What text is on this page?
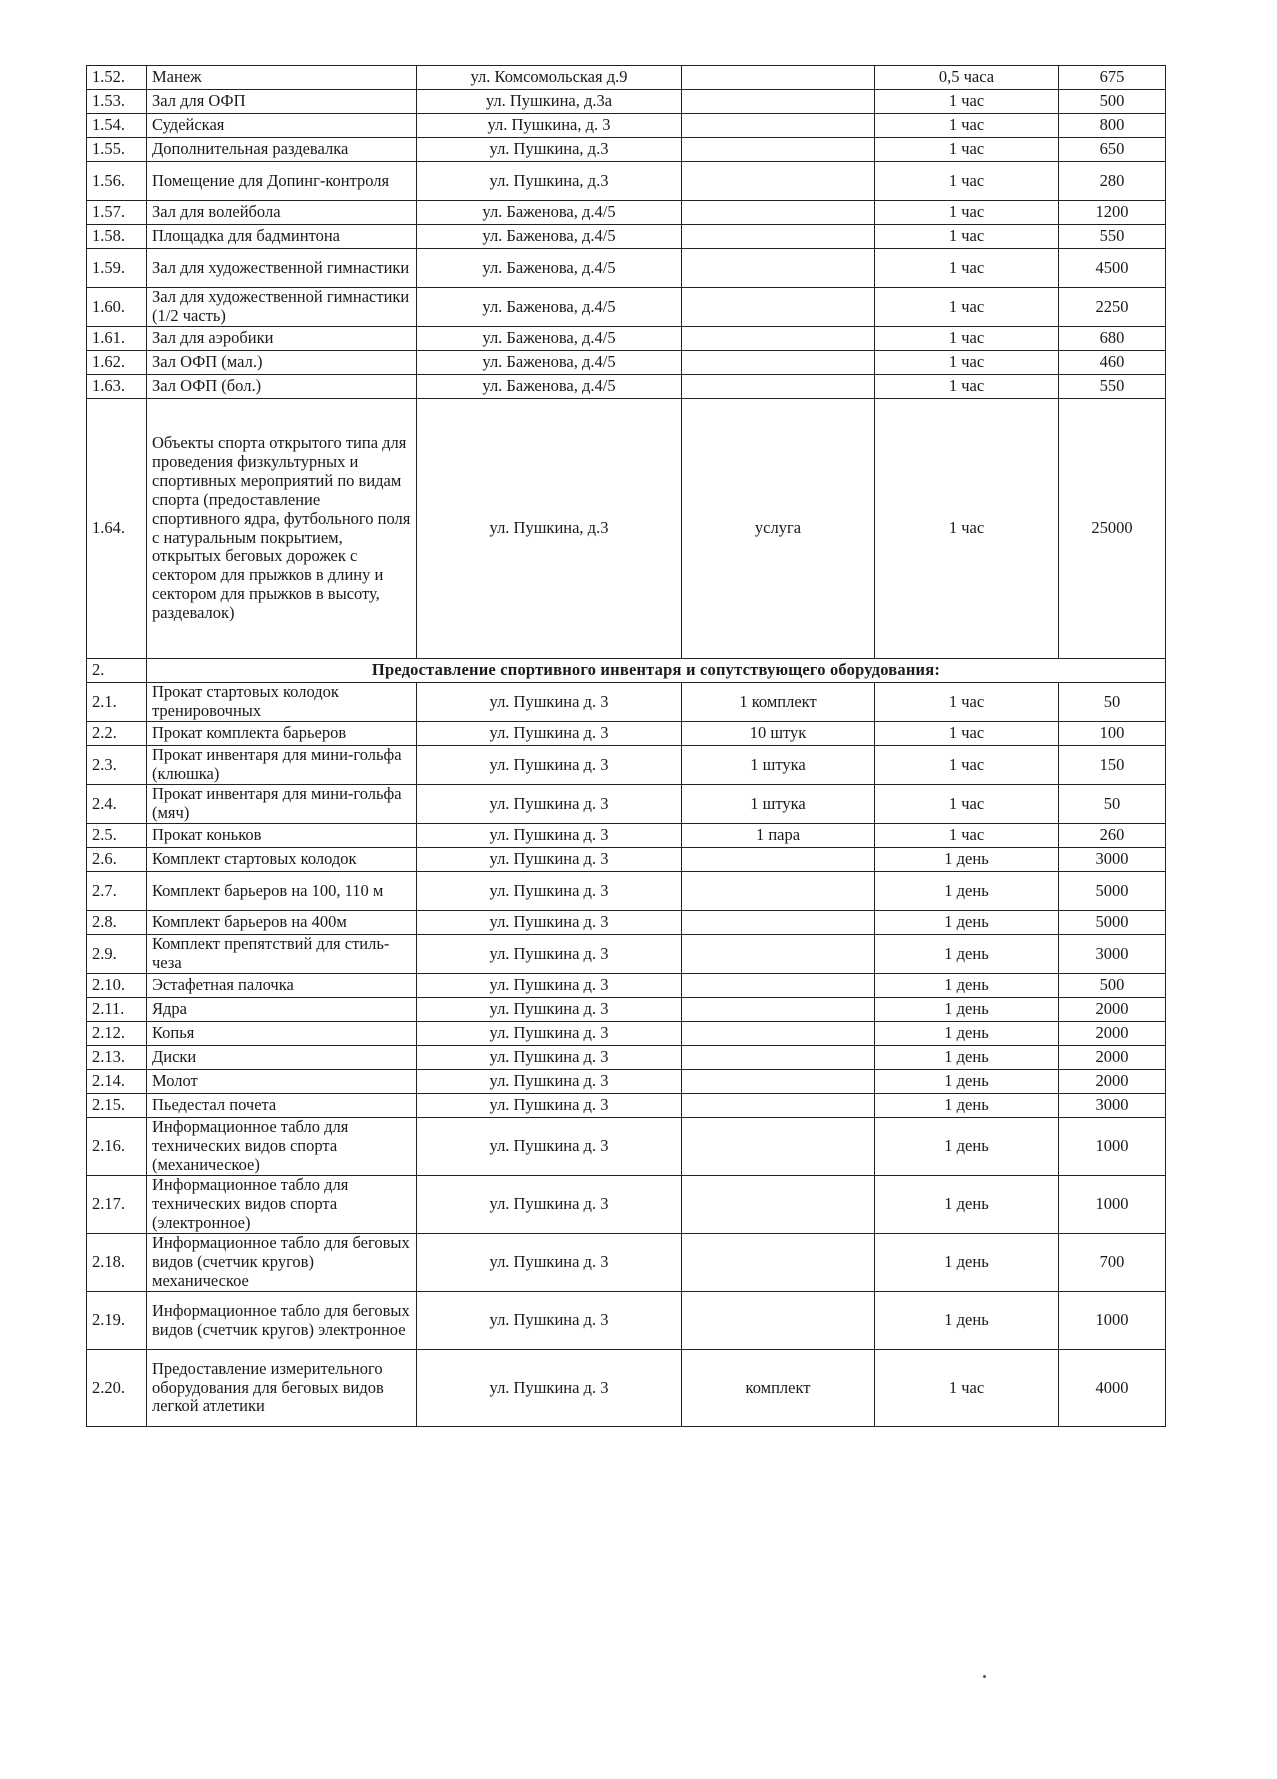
1.52.	Манеж	ул. Комсомольская д.9		0,5 часа	675
1.53.	Зал для ОФП	ул. Пушкина, д.3а		1 час	500
1.54.	Судейская	ул. Пушкина, д. 3		1 час	800
1.55.	Дополнительная раздевалка	ул. Пушкина, д.3		1 час	650
1.56.	Помещение для Допинг-контроля	ул. Пушкина, д.3		1 час	280
1.57.	Зал для волейбола	ул. Баженова, д.4/5		1 час	1200
1.58.	Площадка для бадминтона	ул. Баженова, д.4/5		1 час	550
1.59.	Зал для художественной гимнастики	ул. Баженова, д.4/5		1 час	4500
1.60.	Зал для художественной гимнастики (1/2 часть)	ул. Баженова, д.4/5		1 час	2250
1.61.	Зал для аэробики	ул. Баженова, д.4/5		1 час	680
1.62.	Зал ОФП (мал.)	ул. Баженова, д.4/5		1 час	460
1.63.	Зал ОФП (бол.)	ул. Баженова, д.4/5		1 час	550
1.64.	Объекты спорта открытого типа для проведения физкультурных и спортивных мероприятий по видам спорта (предоставление спортивного ядра, футбольного поля с натуральным покрытием, открытых беговых дорожек с сектором для прыжков в длину и сектором для прыжков в высоту, раздевалок)	ул. Пушкина, д.3	услуга	1 час	25000
2.	Предоставление спортивного инвентаря и сопутствующего оборудования:				
2.1.	Прокат стартовых колодок тренировочных	ул. Пушкина д. 3	1 комплект	1 час	50
2.2.	Прокат комплекта барьеров	ул. Пушкина д. 3	10 штук	1 час	100
2.3.	Прокат инвентаря для мини-гольфа (клюшка)	ул. Пушкина д. 3	1 штука	1 час	150
2.4.	Прокат инвентаря для мини-гольфа (мяч)	ул. Пушкина д. 3	1 штука	1 час	50
2.5.	Прокат коньков	ул. Пушкина д. 3	1 пара	1 час	260
2.6.	Комплект стартовых колодок	ул. Пушкина д. 3		1 день	3000
2.7.	Комплект барьеров на 100, 110 м	ул. Пушкина д. 3		1 день	5000
2.8.	Комплект барьеров на 400м	ул. Пушкина д. 3		1 день	5000
2.9.	Комплект препятствий для стиль-чеза	ул. Пушкина д. 3		1 день	3000
2.10.	Эстафетная палочка	ул. Пушкина д. 3		1 день	500
2.11.	Ядра	ул. Пушкина д. 3		1 день	2000
2.12.	Копья	ул. Пушкина д. 3		1 день	2000
2.13.	Диски	ул. Пушкина д. 3		1 день	2000
2.14.	Молот	ул. Пушкина д. 3		1 день	2000
2.15.	Пьедестал почета	ул. Пушкина д. 3		1 день	3000
2.16.	Информационное табло для технических видов спорта (механическое)	ул. Пушкина д. 3		1 день	1000
2.17.	Информационное табло для технических видов спорта (электронное)	ул. Пушкина д. 3		1 день	1000
2.18.	Информационное табло для беговых видов (счетчик кругов) механическое	ул. Пушкина д. 3		1 день	700
2.19.	Информационное табло для беговых видов (счетчик кругов) электронное	ул. Пушкина д. 3		1 день	1000
2.20.	Предоставление измерительного оборудования для беговых видов легкой атлетики	ул. Пушкина д. 3	комплект	1 час	4000
